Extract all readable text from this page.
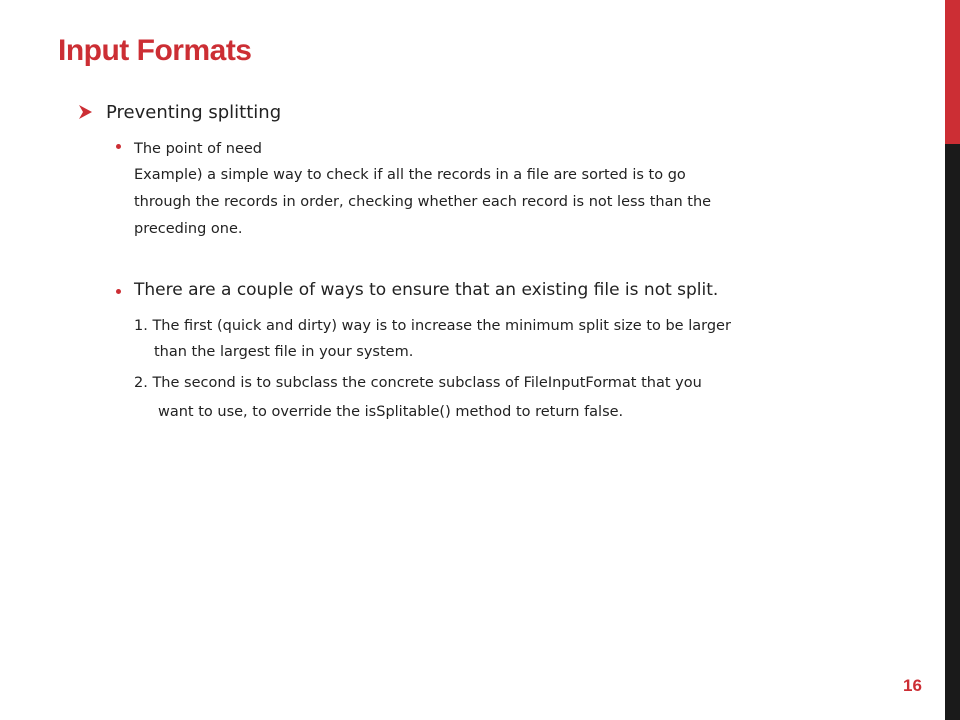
Input Formats
Preventing splitting
The point of need
Example) a simple way to check if all the records in a file are sorted is to go
through the records in order, checking whether each record is not less than the
preceding one.
There are a couple of ways to ensure that an existing file is not split.
1. The first (quick and dirty) way is to increase the minimum split size to be larger
than the largest file in your system.
2. The second is to subclass the concrete subclass of FileInputFormat that you
want to use, to override the isSplitable() method to return false.
16
